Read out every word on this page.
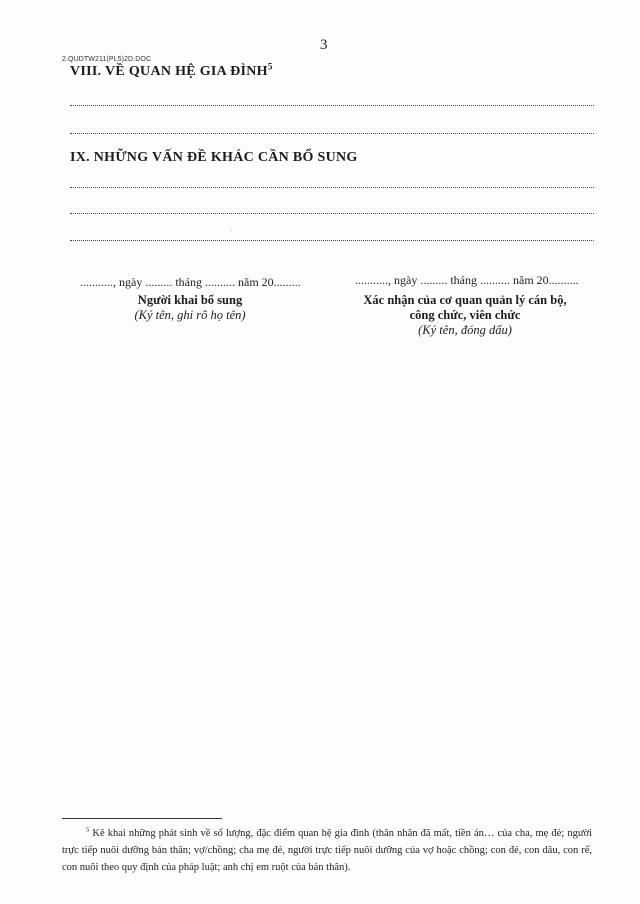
2.QUDTW211(PL5)2D.DOC
3
VIII. VỀ QUAN HỆ GIA ĐÌNH$^5$
IX. NHỮNG VẤN ĐỀ KHÁC CẦN BỔ SUNG
..........., ngày ......... tháng .......... năm 20.........
Người khai bổ sung
(Ký tên, ghi rõ họ tên)
..........., ngày ......... tháng .......... năm 20..........
Xác nhận của cơ quan quản lý cán bộ,
công chức, viên chức
(Ký tên, đóng dấu)
$^5$ Kê khai những phát sinh về số lượng, đặc điểm quan hệ gia đình (thân nhân đã mất, tiền án… của cha, mẹ đẻ; người trực tiếp nuôi dưỡng bản thân; vợ/chồng; cha mẹ đẻ, người trực tiếp nuôi dưỡng của vợ hoặc chồng; con đẻ, con dâu, con rể, con nuôi theo quy định của pháp luật; anh chị em ruột của bản thân).
